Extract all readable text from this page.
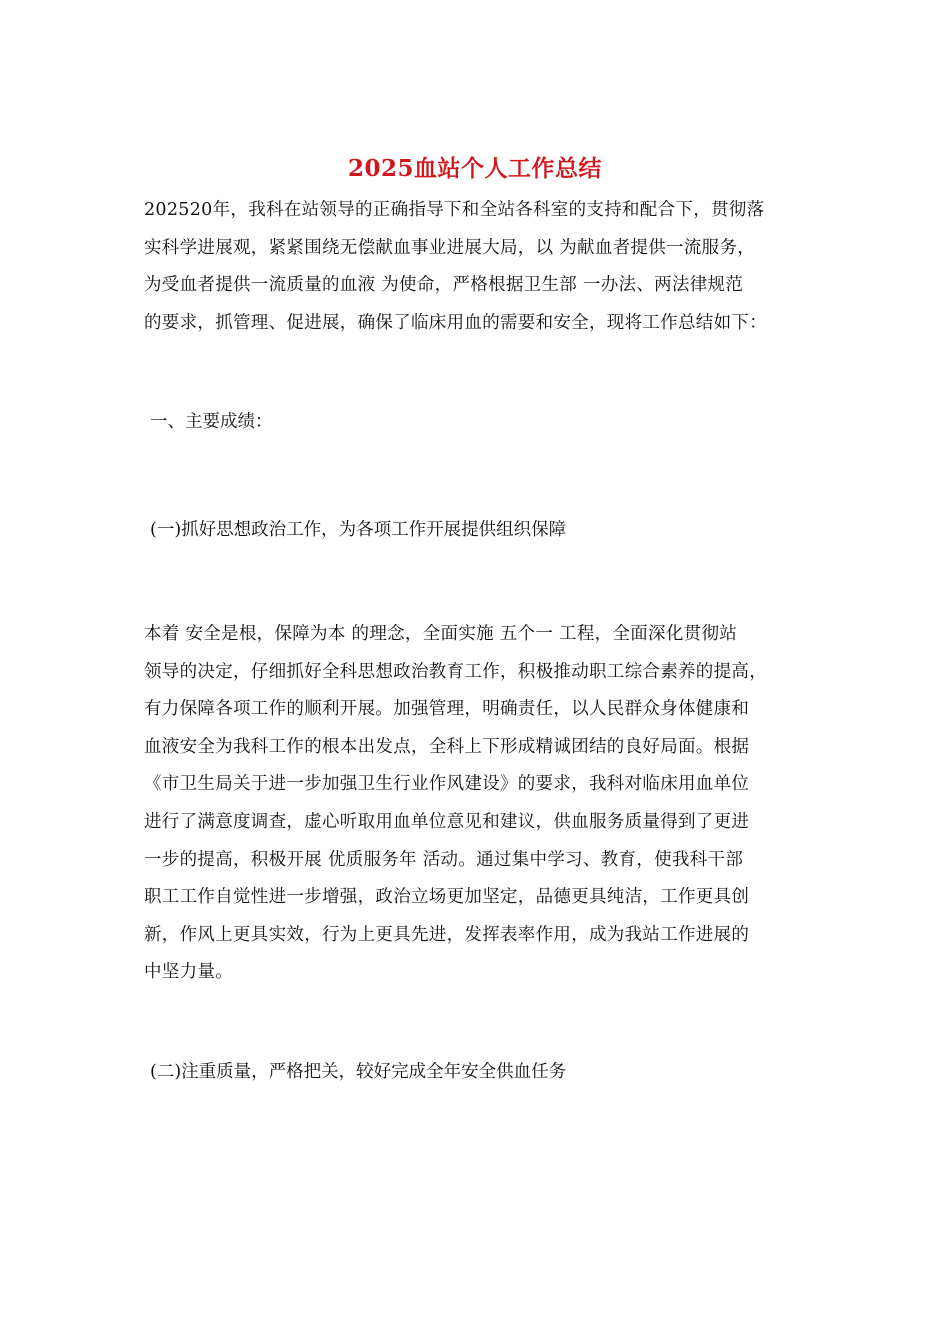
2025血站个人工作总结
202520年，我科在站领导的正确指导下和全站各科室的支持和配合下，贯彻落
实科学进展观，紧紧围绕无偿献血事业进展大局，以 为献血者提供一流服务，
为受血者提供一流质量的血液 为使命，严格根据卫生部 一办法、两法律规范
的要求，抓管理、促进展，确保了临床用血的需要和安全，现将工作总结如下：
一、主要成绩：
(一)抓好思想政治工作，为各项工作开展提供组织保障
本着 安全是根，保障为本 的理念，全面实施 五个一 工程，全面深化贯彻站
领导的决定，仔细抓好全科思想政治教育工作，积极推动职工综合素养的提高，
有力保障各项工作的顺利开展。加强管理，明确责任，以人民群众身体健康和
血液安全为我科工作的根本出发点，全科上下形成精诚团结的良好局面。根据
《市卫生局关于进一步加强卫生行业作风建设》的要求，我科对临床用血单位
进行了满意度调查，虚心听取用血单位意见和建议，供血服务质量得到了更进
一步的提高，积极开展 优质服务年 活动。通过集中学习、教育，使我科干部
职工工作自觉性进一步增强，政治立场更加坚定，品德更具纯洁，工作更具创
新，作风上更具实效，行为上更具先进，发挥表率作用，成为我站工作进展的
中坚力量。
(二)注重质量，严格把关，较好完成全年安全供血任务
